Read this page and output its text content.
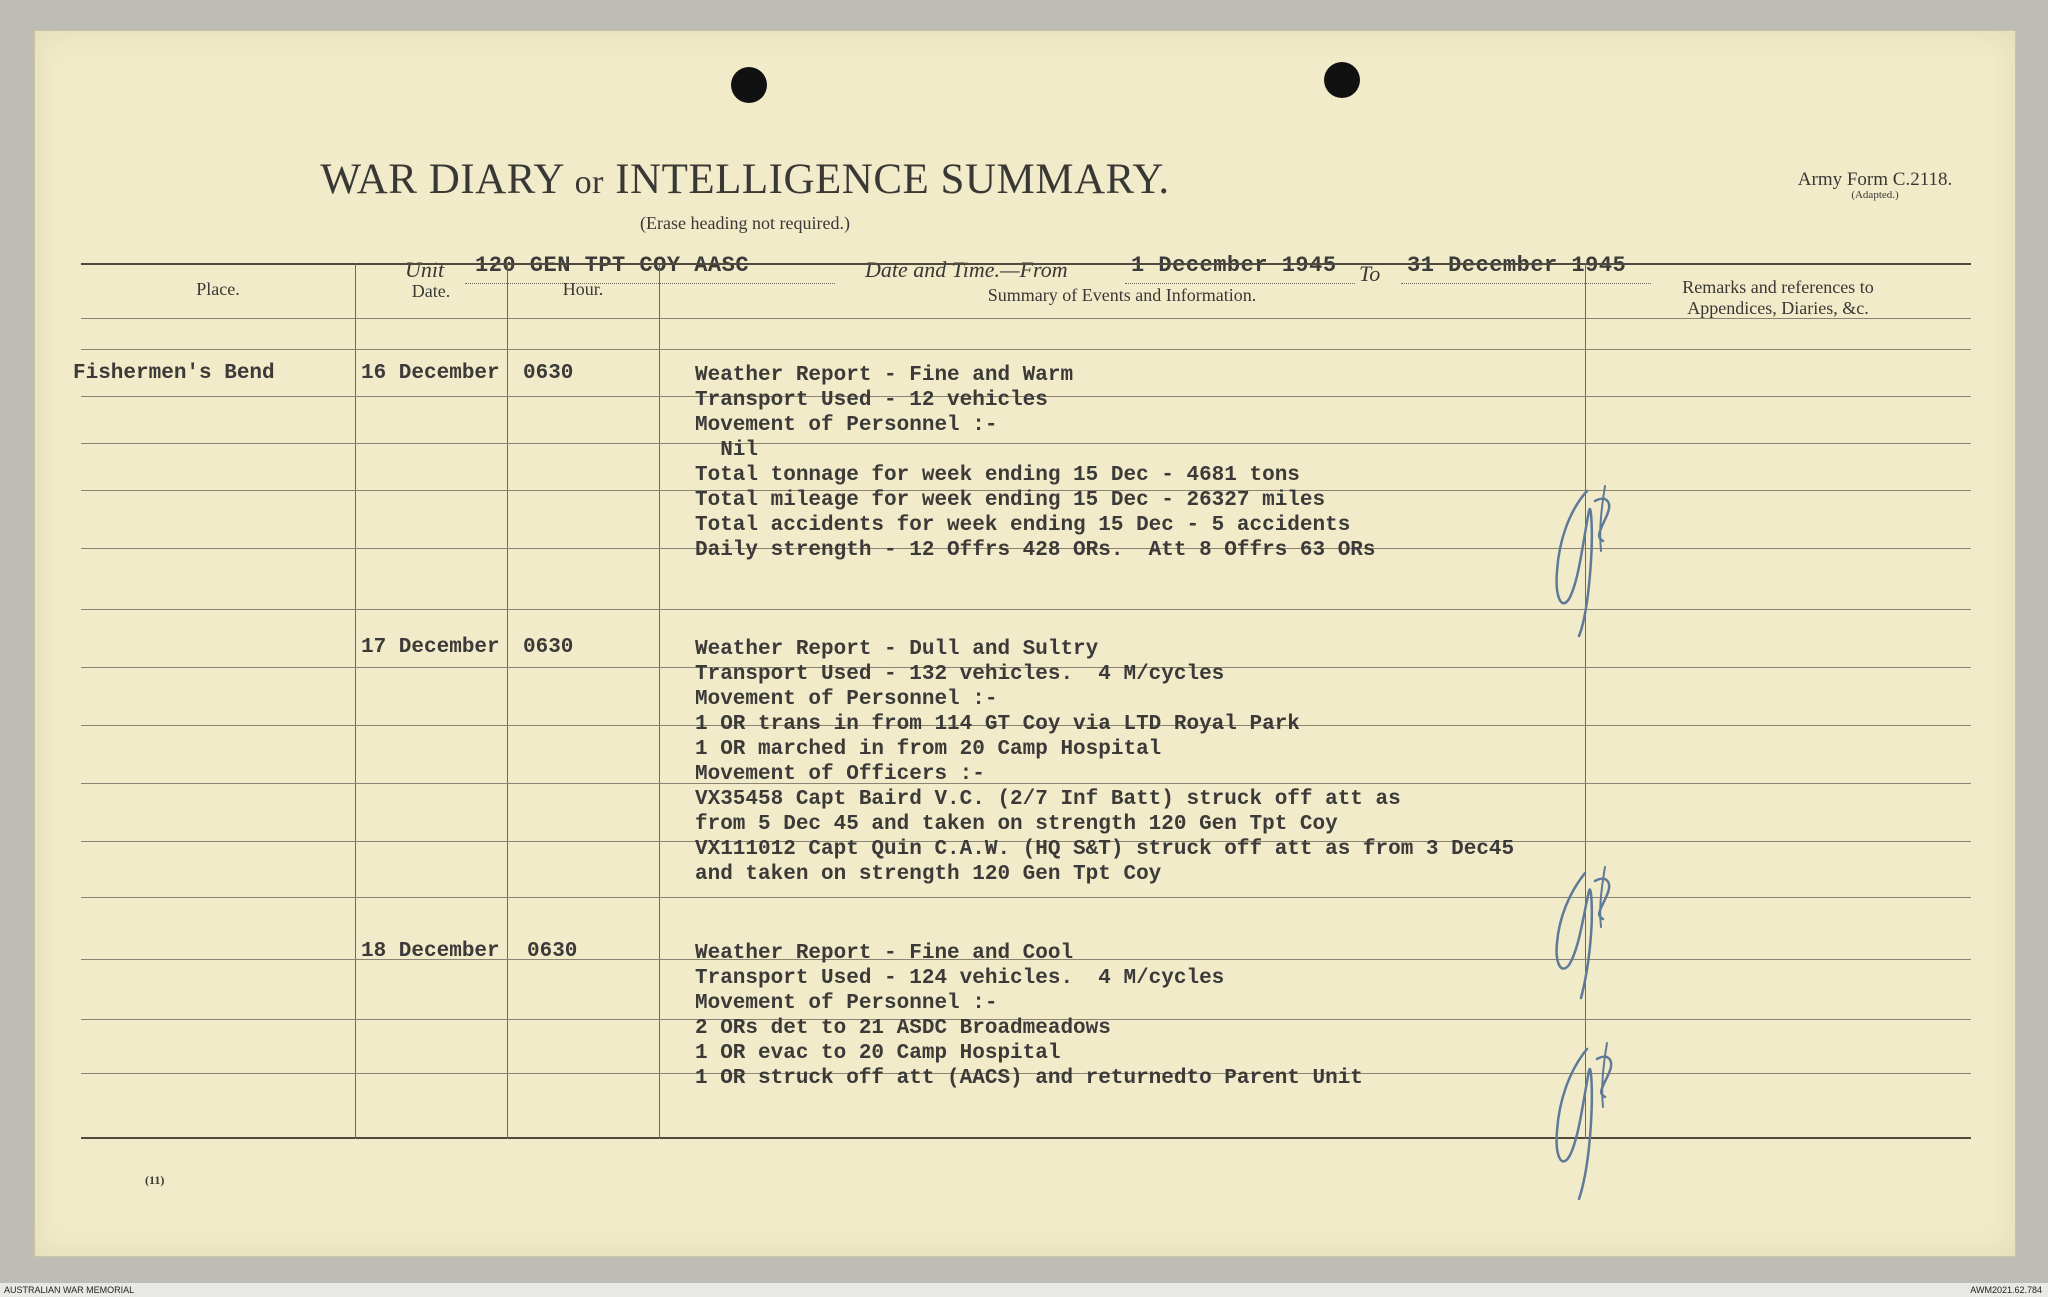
WAR DIARY or INTELLIGENCE SUMMARY.
(Erase heading not required.)
Army Form C.2118.
(Adapted.)
Unit 120 GEN TPT COY AASC	Date and Time.—From	1 December 1945 To 31 December 1945
Place.	Date.	Hour.	Summary of Events and Information.	Remarks and references to
Appendices, Diaries, &c.
Fishermen's Bend	16 December 0630	Weather Report - Fine and Warm
Transport Used - 12 vehicles
Movement of Personnel :-
Nil
Total tonnage for week ending 15 Dec - 4681 tons
Total mileage for week ending 15 Dec - 26327 miles
Total accidents for week ending 15 Dec - 5 accidents
Daily strength - 12 Offrs 428 ORs.  Att 8 Offrs 63 ORs
17 December 0630	Weather Report - Dull and Sultry
Transport Used - 132 vehicles.  4 M/cycles
Movement of Personnel :-
1 OR trans in from 114 GT Coy via LTD Royal Park
1 OR marched in from 20 Camp Hospital
Movement of Officers :-
VX35458 Capt Baird V.C. (2/7 Inf Batt) struck off att as
from 5 Dec 45 and taken on strength 120 Gen Tpt Coy
VX111012 Capt Quin C.A.W. (HQ S&T) struck off att as from 3 Dec45
and taken on strength 120 Gen Tpt Coy
18 December 0630	Weather Report - Fine and Cool
Transport Used - 124 vehicles.  4 M/cycles
Movement of Personnel :-
2 ORs det to 21 ASDC Broadmeadows
1 OR evac to 20 Camp Hospital
1 OR struck off att (AACS) and returnedto Parent Unit
(11)
AUSTRALIAN WAR MEMORIAL	AWM2021.62.784
